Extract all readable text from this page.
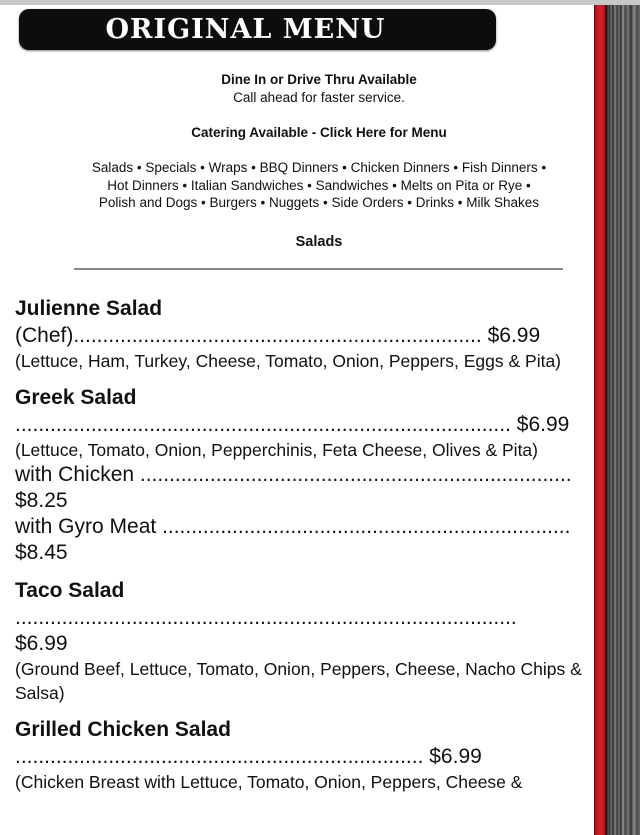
ORIGINAL MENU
Dine In or Drive Thru Available
Call ahead for faster service.
Catering Available - Click Here for Menu
Salads • Specials • Wraps • BBQ Dinners • Chicken Dinners • Fish Dinners •
Hot Dinners • Italian Sandwiches • Sandwiches • Melts on Pita or Rye •
Polish and Dogs • Burgers • Nuggets • Side Orders • Drinks • Milk Shakes
Salads
Julienne Salad
(Chef)...................................................................... $6.99
(Lettuce, Ham, Turkey, Cheese, Tomato, Onion, Peppers, Eggs & Pita)
Greek Salad
..................................................................................... $6.99
(Lettuce, Tomato, Onion, Pepperchinis, Feta Cheese, Olives & Pita)
with Chicken ..........................................................................
$8.25
with Gyro Meat ......................................................................
$8.45
Taco Salad
......................................................................................
$6.99
(Ground Beef, Lettuce, Tomato, Onion, Peppers, Cheese, Nacho Chips & Salsa)
Grilled Chicken Salad
...................................................................... $6.99
(Chicken Breast with Lettuce, Tomato, Onion, Peppers, Cheese &
